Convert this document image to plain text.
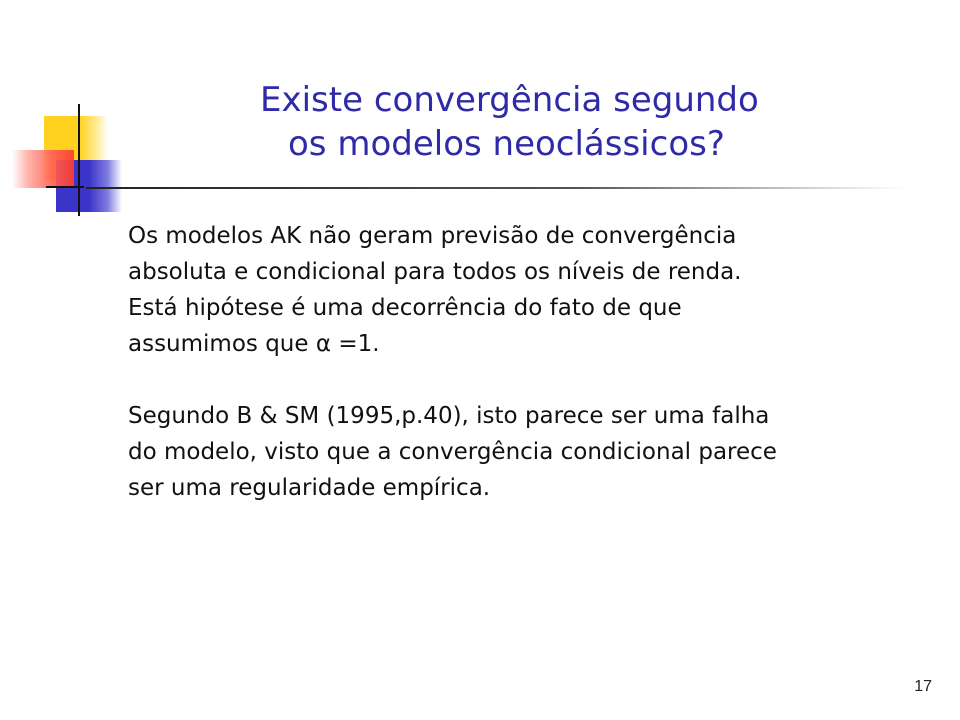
Existe convergência segundo
os modelos neoclássicos?

Os modelos AK não geram previsão de convergência
absoluta e condicional para todos os níveis de renda.
Está hipótese é uma decorrência do fato de que
assumimos que α =1.

Segundo B & SM (1995,p.40), isto parece ser uma falha
do modelo, visto que a convergência condicional parece
ser uma regularidade empírica.

17
